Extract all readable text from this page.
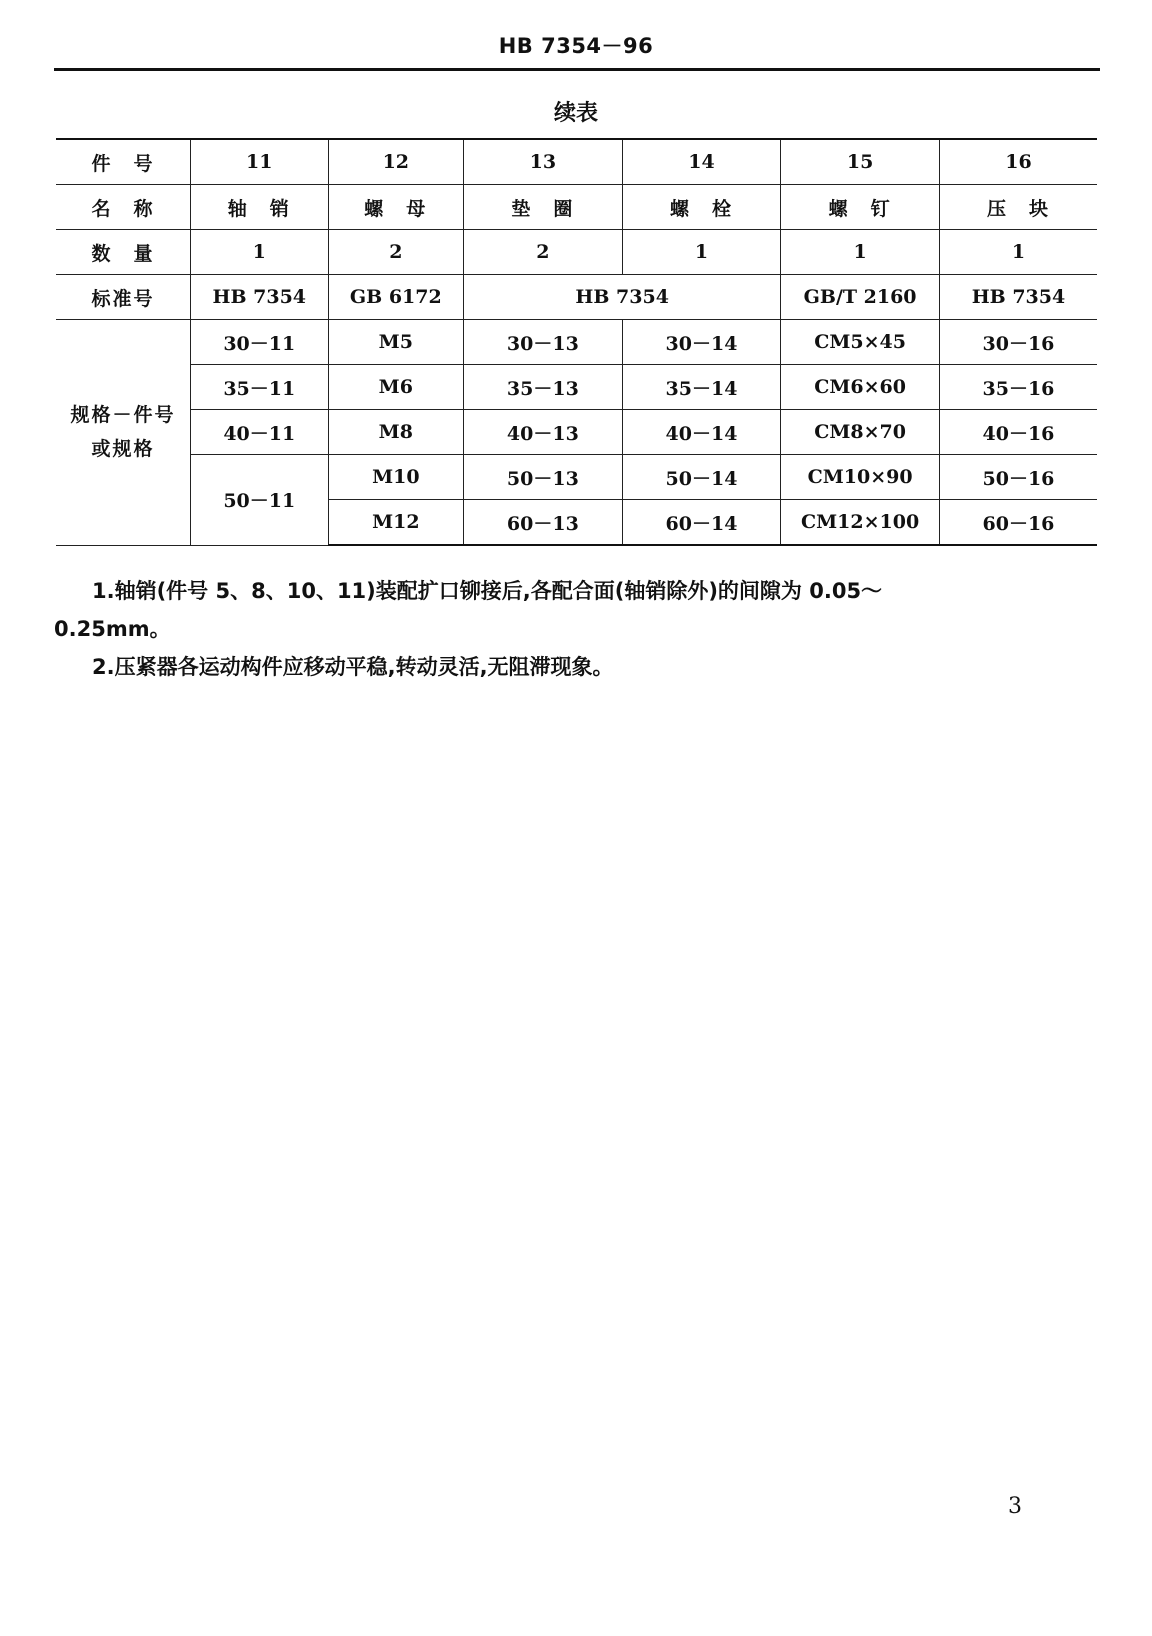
HB 7354－96
续表
件　号	11	12	13	14	15	16
名　称	轴　销	螺　母	垫　圈	螺　栓	螺　钉	压　块
数　量	1	2	2	1	1	1
标准号	HB 7354	GB 6172	HB 7354		GB/T 2160	HB 7354

规格－件号
或规格	30－11	M5	30－13	30－14	CM5×45	30－16
	35－11	M6	35－13	35－14	CM6×60	35－16
	40－11	M8	40－13	40－14	CM8×70	40－16
	50－11	M10	50－13	50－14	CM10×90	50－16
		M12	60－13	60－14	CM12×100	60－16

1.轴销(件号 5、8、10、11)装配扩口铆接后,各配合面(轴销除外)的间隙为 0.05～

0.25mm。

2.压紧器各运动构件应移动平稳,转动灵活,无阻滞现象。

3
